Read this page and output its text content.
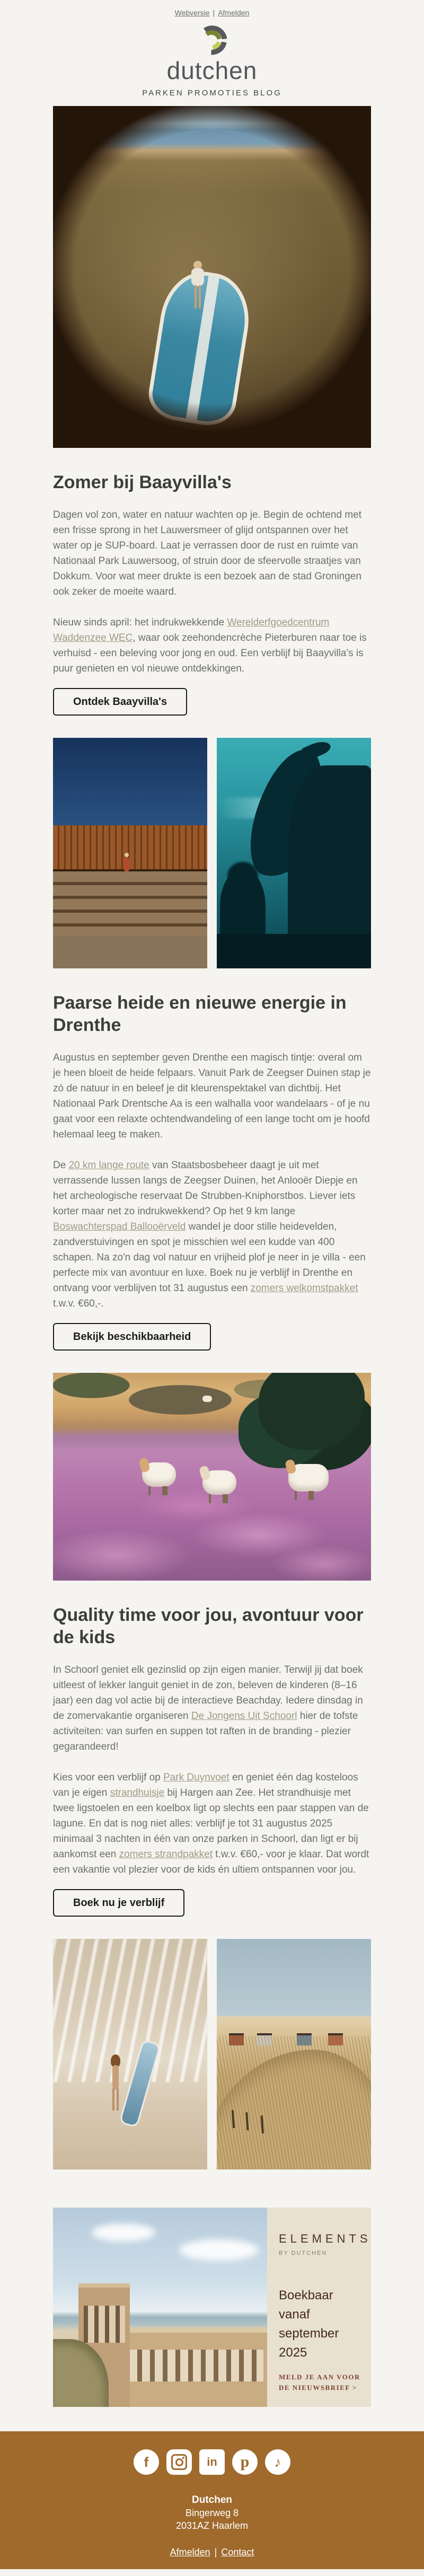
Webversie | Afmelden
dutchen
PARKEN PROMOTIES BLOG
Zomer bij Baayvilla's

Dagen vol zon, water en natuur wachten op je. Begin de ochtend met een frisse sprong in het Lauwersmeer of glijd ontspannen over het water op je SUP-board. Laat je verrassen door de rust en ruimte van Nationaal Park Lauwersoog, of struin door de sfeervolle straatjes van Dokkum. Voor wat meer drukte is een bezoek aan de stad Groningen ook zeker de moeite waard.

Nieuw sinds april: het indrukwekkende Werelderfgoedcentrum Waddenzee WEC, waar ook zeehondencrèche Pieterburen naar toe is verhuisd - een beleving voor jong en oud. Een verblijf bij Baayvilla's is puur genieten en vol nieuwe ontdekkingen.

Ontdek Baayvilla's
Paarse heide en nieuwe energie in Drenthe

Augustus en september geven Drenthe een magisch tintje: overal om je heen bloeit de heide felpaars. Vanuit Park de Zeegser Duinen stap je zó de natuur in en beleef je dit kleurenspektakel van dichtbij. Het Nationaal Park Drentsche Aa is een walhalla voor wandelaars - of je nu gaat voor een relaxte ochtendwandeling of een lange tocht om je hoofd helemaal leeg te maken.

De 20 km lange route van Staatsbosbeheer daagt je uit met verrassende lussen langs de Zeegser Duinen, het Anlooër Diepje en het archeologische reservaat De Strubben-Kniphorstbos. Liever iets korter maar net zo indrukwekkend? Op het 9 km lange Boswachterspad Ballooërveld wandel je door stille heidevelden, zandverstuivingen en spot je misschien wel een kudde van 400 schapen. Na zo'n dag vol natuur en vrijheid plof je neer in je villa - een perfecte mix van avontuur en luxe. Boek nu je verblijf in Drenthe en ontvang voor verblijven tot 31 augustus een zomers welkomstpakket t.w.v. €60,-.

Bekijk beschikbaarheid
Quality time voor jou, avontuur voor de kids

In Schoorl geniet elk gezinslid op zijn eigen manier. Terwijl jij dat boek uitleest of lekker languit geniet in de zon, beleven de kinderen (8–16 jaar) een dag vol actie bij de interactieve Beachday. Iedere dinsdag in de zomervakantie organiseren De Jongens Uit Schoorl hier de tofste activiteiten: van surfen en suppen tot raften in de branding - plezier gegarandeerd!

Kies voor een verblijf op Park Duynvoet en geniet één dag kosteloos van je eigen strandhuisje bij Hargen aan Zee. Het strandhuisje met twee ligstoelen en een koelbox ligt op slechts een paar stappen van de lagune. En dat is nog niet alles: verblijf je tot 31 augustus 2025 minimaal 3 nachten in één van onze parken in Schoorl, dan ligt er bij aankomst een zomers strandpakket t.w.v. €60,- voor je klaar. Dat wordt een vakantie vol plezier voor de kids én ultiem ontspannen voor jou.

Boek nu je verblijf
ELEMENTS
BY DUTCHEN
Boekbaar vanaf
september 2025
MELD JE AAN VOOR DE NIEUWSBRIEF >
f	in	p	♪
Dutchen
Bingerweg 8
2031AZ Haarlem
Afmelden | Contact
